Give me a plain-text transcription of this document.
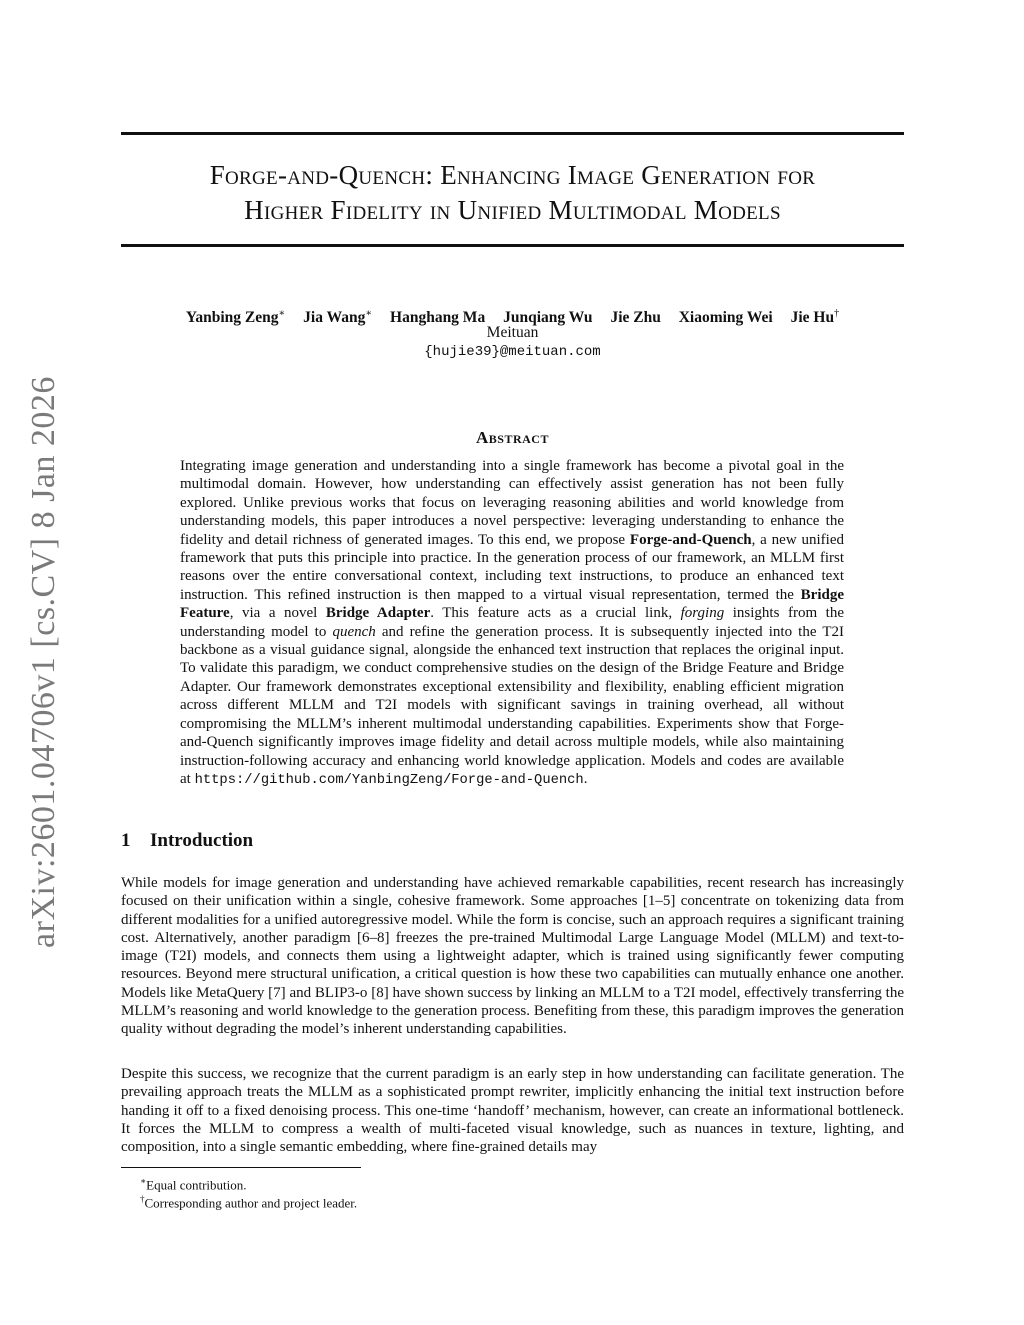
arXiv:2601.04706v1 [cs.CV] 8 Jan 2026
Forge-and-Quench: Enhancing Image Generation for
Higher Fidelity in Unified Multimodal Models
Yanbing Zeng∗ Jia Wang∗ Hanghang Ma Junqiang Wu Jie Zhu Xiaoming Wei Jie Hu†
Meituan
{hujie39}@meituan.com
Abstract
Integrating image generation and understanding into a single framework has become a pivotal goal in the multimodal domain. However, how understanding can effectively assist generation has not been fully explored. Unlike previous works that focus on leveraging reasoning abilities and world knowledge from understanding models, this paper introduces a novel perspective: leveraging understanding to enhance the fidelity and detail richness of generated images. To this end, we propose Forge-and-Quench, a new unified framework that puts this principle into practice. In the generation process of our framework, an MLLM first reasons over the entire conversational context, including text instructions, to produce an enhanced text instruction. This refined instruction is then mapped to a virtual visual representation, termed the Bridge Feature, via a novel Bridge Adapter. This feature acts as a crucial link, forging insights from the understanding model to quench and refine the generation process. It is subsequently injected into the T2I backbone as a visual guidance signal, alongside the enhanced text instruction that replaces the original input. To validate this paradigm, we conduct comprehensive studies on the design of the Bridge Feature and Bridge Adapter. Our framework demonstrates exceptional extensibility and flexibility, enabling efficient migration across different MLLM and T2I models with significant savings in training overhead, all without compromising the MLLM’s inherent multimodal understanding capabilities. Experiments show that Forge-and-Quench significantly improves image fidelity and detail across multiple models, while also maintaining instruction-following accuracy and enhancing world knowledge application. Models and codes are available at https://github.com/YanbingZeng/Forge-and-Quench.
1 Introduction
While models for image generation and understanding have achieved remarkable capabilities, recent research has increasingly focused on their unification within a single, cohesive framework. Some approaches [1–5] concentrate on tokenizing data from different modalities for a unified autoregressive model. While the form is concise, such an approach requires a significant training cost. Alternatively, another paradigm [6–8] freezes the pre-trained Multimodal Large Language Model (MLLM) and text-to-image (T2I) models, and connects them using a lightweight adapter, which is trained using significantly fewer computing resources. Beyond mere structural unification, a critical question is how these two capabilities can mutually enhance one another. Models like MetaQuery [7] and BLIP3-o [8] have shown success by linking an MLLM to a T2I model, effectively transferring the MLLM’s reasoning and world knowledge to the generation process. Benefiting from these, this paradigm improves the generation quality without degrading the model’s inherent understanding capabilities.
Despite this success, we recognize that the current paradigm is an early step in how understanding can facilitate generation. The prevailing approach treats the MLLM as a sophisticated prompt rewriter, implicitly enhancing the initial text instruction before handing it off to a fixed denoising process. This one-time ‘handoff’ mechanism, however, can create an informational bottleneck. It forces the MLLM to compress a wealth of multi-faceted visual knowledge, such as nuances in texture, lighting, and composition, into a single semantic embedding, where fine-grained details may
∗Equal contribution.
†Corresponding author and project leader.
